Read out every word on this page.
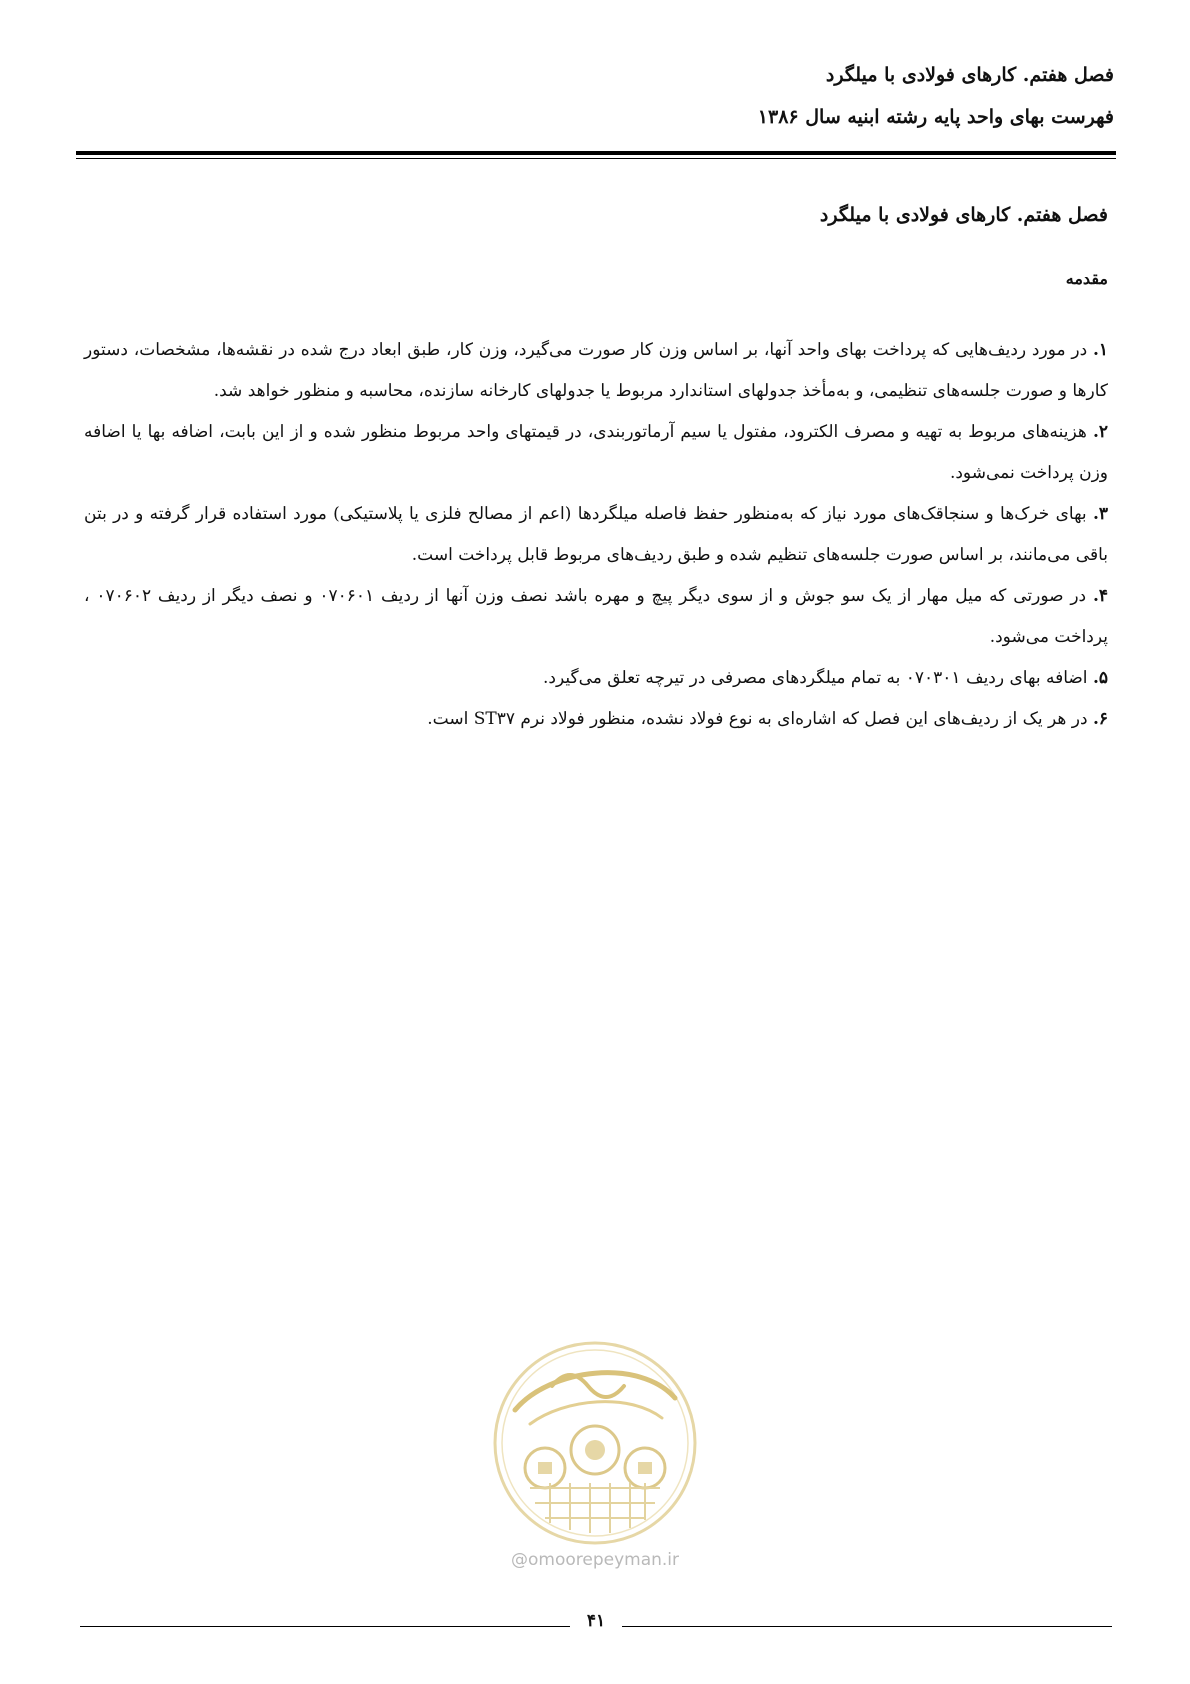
فصل هفتم. کارهای فولادی با میلگرد
فهرست بهای واحد پایه رشته ابنیه سال ۱۳۸۶
فصل هفتم. کارهای فولادی با میلگرد
مقدمه

۱. در مورد ردیف‌هایی که پرداخت بهای واحد آنها، بر اساس وزن کار صورت می‌گیرد، وزن کار، طبق ابعاد درج شده در نقشه‌ها، مشخصات، دستور کارها و صورت جلسه‌های تنظیمی، و به‌مأخذ جدولهای استاندارد مربوط یا جدولهای کارخانه سازنده، محاسبه و منظور خواهد شد.

۲. هزینه‌های مربوط به تهیه و مصرف الکترود، مفتول یا سیم آرماتوربندی، در قیمتهای واحد مربوط منظور شده و از این بابت، اضافه بها یا اضافه وزن پرداخت نمی‌شود.

۳. بهای خرک‌ها و سنجاقک‌های مورد نیاز که به‌منظور حفظ فاصله میلگردها (اعم از مصالح فلزی یا پلاستیکی) مورد استفاده قرار گرفته و در بتن باقی می‌مانند، بر اساس صورت جلسه‌های تنظیم شده و طبق ردیف‌های مربوط قابل پرداخت است.

۴. در صورتی که میل مهار از یک سو جوش و از سوی دیگر پیچ و مهره باشد نصف وزن آنها از ردیف ۰۷۰۶۰۱ و نصف دیگر از ردیف ۰۷۰۶۰۲ ، پرداخت می‌شود.

۵. اضافه بهای ردیف ۰۷۰۳۰۱ به تمام میلگردهای مصرفی در تیرچه تعلق می‌گیرد.

۶. در هر یک از ردیف‌های این فصل که اشاره‌ای به نوع فولاد نشده، منظور فولاد نرم ST۳۷ است.

@omoorepeyman.ir
۴۱
